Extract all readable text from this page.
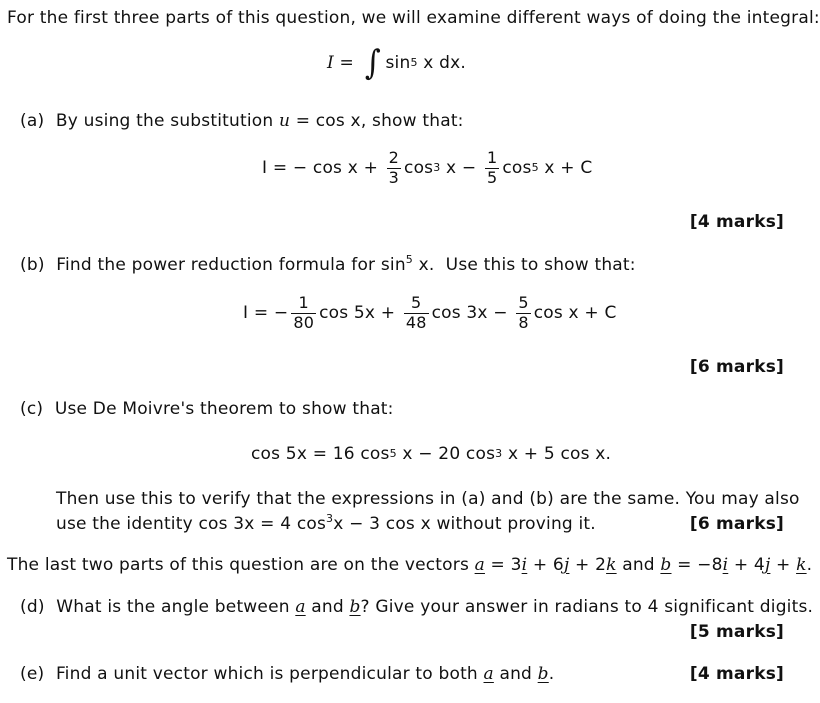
For the first three parts of this question, we will examine different ways of doing the integral:
I = ∫ sin 5 x dx.
(a) By using the substitution u = cos x, show that:
I = − $\cos x + \frac{2}{3}$ cos 3 $x - \frac{1}{5}$ cos 5 x + C
[4 marks]
(b) Find the power reduction formula for $\sin^5 x$.  Use this to show that:
I = − $\frac{1}{80}$ $\cos 5x + \frac{5}{48}$ $\cos 3x - \frac{5}{8}$ cos x + C
[6 marks]
(c) Use De Moivre's theorem to show that:
cos 5x = 16 cos 5 x − 20 cos 3 x + 5 cos x.
Then use this to verify that the expressions in (a) and (b) are the same. You may also
use the identity cos 3x = 4 $\cos^3x - 3$ cos x without proving it.	[6 marks]
The last two parts of this question are on the vectors a = 3i + 6j + 2k and b = −8i + 4j + k.
(d) What is the angle between a and b? Give your answer in radians to 4 significant digits.
[5 marks]
(e) Find a unit vector which is perpendicular to both a and b.	[4 marks]
